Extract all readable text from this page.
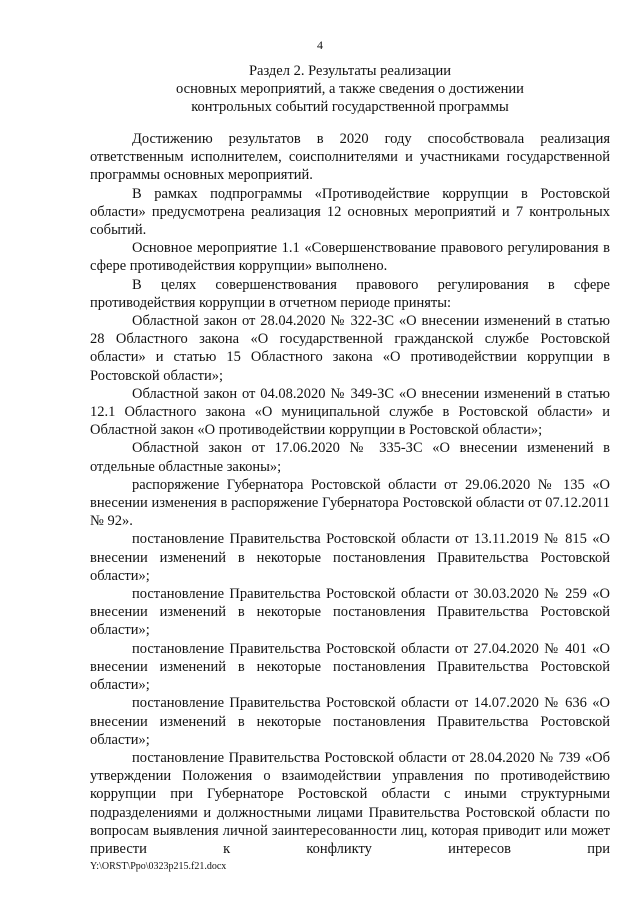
4
Раздел 2. Результаты реализации
основных мероприятий, а также сведения о достижении
контрольных событий государственной программы

Достижению результатов в 2020 году способствовала реализация ответственным исполнителем, соисполнителями и участниками государственной программы основных мероприятий.

В рамках подпрограммы «Противодействие коррупции в Ростовской области» предусмотрена реализация 12 основных мероприятий и 7 контрольных событий.

Основное мероприятие 1.1 «Совершенствование правового регулирования в сфере противодействия коррупции» выполнено.

В целях совершенствования правового регулирования в сфере противодействия коррупции в отчетном периоде приняты:

Областной закон от 28.04.2020 № 322-ЗС «О внесении изменений в статью 28 Областного закона «О государственной гражданской службе Ростовской области» и статью 15 Областного закона «О противодействии коррупции в Ростовской области»;

Областной закон от 04.08.2020 № 349-ЗС «О внесении изменений в статью 12.1 Областного закона «О муниципальной службе в Ростовской области» и Областной закон «О противодействии коррупции в Ростовской области»;

Областной закон от 17.06.2020 № 335-ЗС «О внесении изменений в отдельные областные законы»;

распоряжение Губернатора Ростовской области от 29.06.2020 № 135 «О внесении изменения в распоряжение Губернатора Ростовской области от 07.12.2011 № 92».

постановление Правительства Ростовской области от 13.11.2019 № 815 «О внесении изменений в некоторые постановления Правительства Ростовской области»;

постановление Правительства Ростовской области от 30.03.2020 № 259 «О внесении изменений в некоторые постановления Правительства Ростовской области»;

постановление Правительства Ростовской области от 27.04.2020 № 401 «О внесении изменений в некоторые постановления Правительства Ростовской области»;

постановление Правительства Ростовской области от 14.07.2020 № 636 «О внесении изменений в некоторые постановления Правительства Ростовской области»;

постановление Правительства Ростовской области от 28.04.2020 № 739 «Об утверждении Положения о взаимодействии управления по противодействию коррупции при Губернаторе Ростовской области с иными структурными подразделениями и должностными лицами Правительства Ростовской области по вопросам выявления личной заинтересованности лиц, которая приводит или может привести к конфликту интересов при

Y:\ORST\Ppo\0323p215.f21.docx
